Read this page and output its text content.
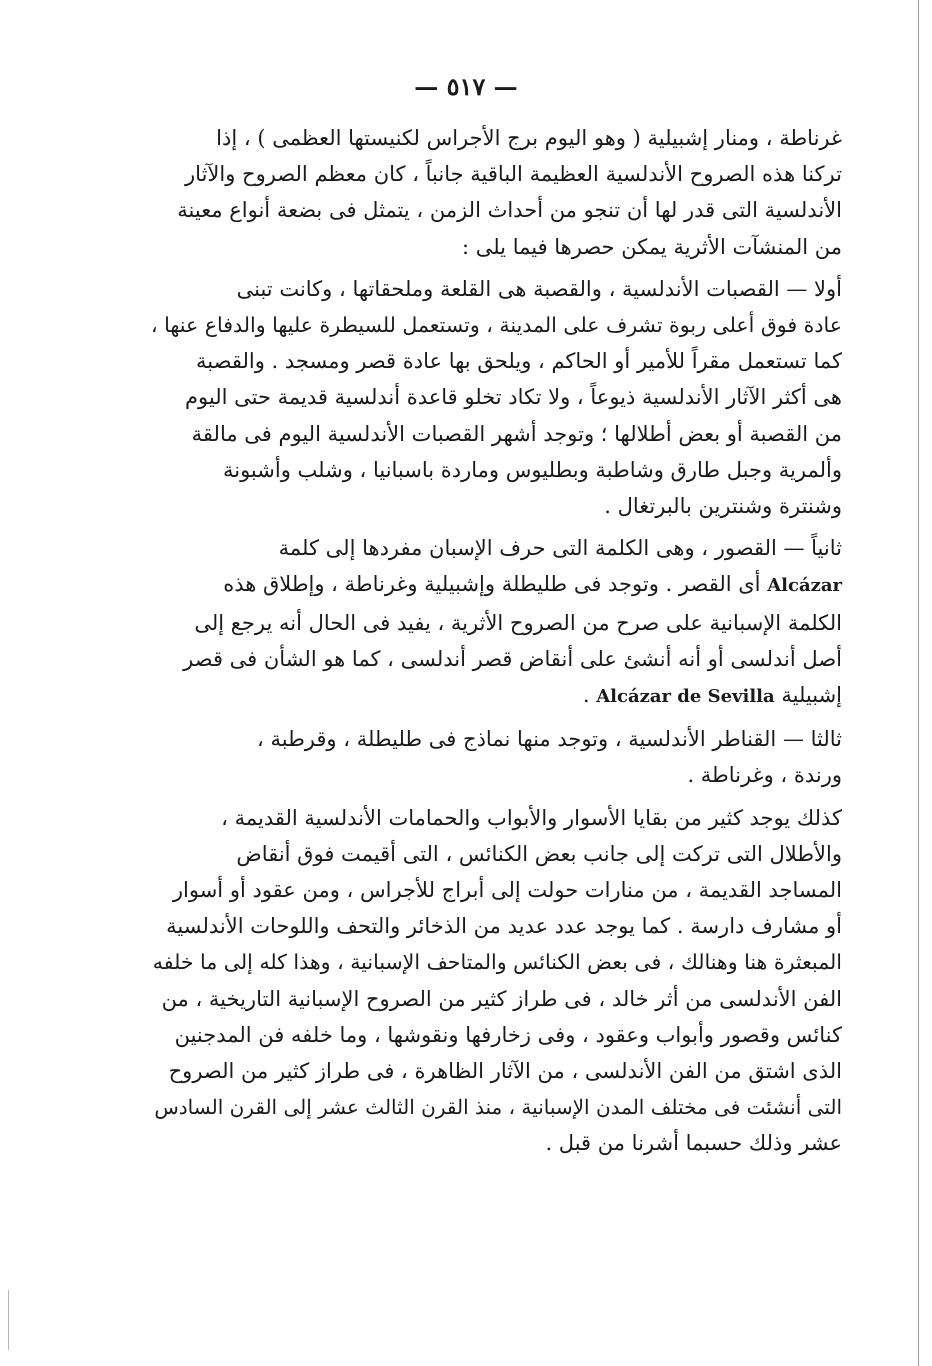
— ٥١٧ —

غرناطة ، ومنار إشبيلية ( وهو اليوم برج الأجراس لكنيستها العظمى ) ، إذا
تركنا هذه الصروح الأندلسية العظيمة الباقية جانباً ، كان معظم الصروح والآثار
الأندلسية التى قدر لها أن تنجو من أحداث الزمن ، يتمثل فى بضعة أنواع معينة
من المنشآت الأثرية يمكن حصرها فيما يلى :

أولا — القصبات الأندلسية ، والقصبة هى القلعة وملحقاتها ، وكانت تبنى
عادة فوق أعلى ربوة تشرف على المدينة ، وتستعمل للسيطرة عليها والدفاع عنها ،
كما تستعمل مقراً للأمير أو الحاكم ، ويلحق بها عادة قصر ومسجد . والقصبة
هى أكثر الآثار الأندلسية ذيوعاً ، ولا تكاد تخلو قاعدة أندلسية قديمة حتى اليوم
من القصبة أو بعض أطلالها ؛ وتوجد أشهر القصبات الأندلسية اليوم فى مالقة
وألمرية وجبل طارق وشاطبة وبطليوس وماردة باسبانيا ، وشلب وأشبونة
وشنترة وشنترين بالبرتغال .

ثانياً — القصور ، وهى الكلمة التى حرف الإسبان مفردها إلى كلمة
Alcázar أى القصر . وتوجد فى طليطلة وإشبيلية وغرناطة ، وإطلاق هذه
الكلمة الإسبانية على صرح من الصروح الأثرية ، يفيد فى الحال أنه يرجع إلى
أصل أندلسى أو أنه أنشئ على أنقاض قصر أندلسى ، كما هو الشأن فى قصر
إشبيلية Alcázar de Sevilla .

ثالثا — القناطر الأندلسية ، وتوجد منها نماذج فى طليطلة ، وقرطبة ،
ورندة ، وغرناطة .

كذلك يوجد كثير من بقايا الأسوار والأبواب والحمامات الأندلسية القديمة ،
والأطلال التى تركت إلى جانب بعض الكنائس ، التى أقيمت فوق أنقاض
المساجد القديمة ، من منارات حولت إلى أبراج للأجراس ، ومن عقود أو أسوار
أو مشارف دارسة . كما يوجد عدد عديد من الذخائر والتحف واللوحات الأندلسية
المبعثرة هنا وهنالك ، فى بعض الكنائس والمتاحف الإسبانية ، وهذا كله إلى ما خلفه
الفن الأندلسى من أثر خالد ، فى طراز كثير من الصروح الإسبانية التاريخية ، من
كنائس وقصور وأبواب وعقود ، وفى زخارفها ونقوشها ، وما خلفه فن المدجنين
الذى اشتق من الفن الأندلسى ، من الآثار الظاهرة ، فى طراز كثير من الصروح
التى أنشئت فى مختلف المدن الإسبانية ، منذ القرن الثالث عشر إلى القرن السادس
عشر وذلك حسبما أشرنا من قبل .
